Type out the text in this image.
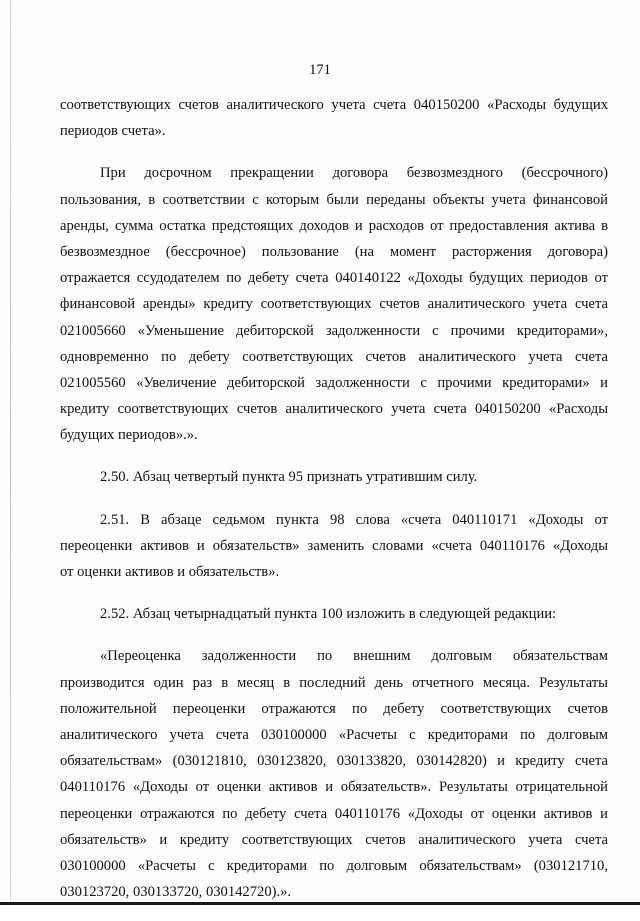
171

соответствующих счетов аналитического учета счета 040150200 «Расходы будущих
периодов счета».

При досрочном прекращении договора безвозмездного (бессрочного)
пользования, в соответствии с которым были переданы объекты учета финансовой
аренды, сумма остатка предстоящих доходов и расходов от предоставления актива в
безвозмездное (бессрочное) пользование (на момент расторжения договора)
отражается ссудодателем по дебету счета 040140122 «Доходы будущих периодов от
финансовой аренды» кредиту соответствующих счетов аналитического учета счета
021005660 «Уменьшение дебиторской задолженности с прочими кредиторами»,
одновременно по дебету соответствующих счетов аналитического учета счета
021005560 «Увеличение дебиторской задолженности с прочими кредиторами» и
кредиту соответствующих счетов аналитического учета счета 040150200 «Расходы
будущих периодов».».

2.50. Абзац четвертый пункта 95 признать утратившим силу.

2.51. В абзаце седьмом пункта 98 слова «счета 040110171 «Доходы от
переоценки активов и обязательств» заменить словами «счета 040110176 «Доходы
от оценки активов и обязательств».

2.52. Абзац четырнадцатый пункта 100 изложить в следующей редакции:

«Переоценка задолженности по внешним долговым обязательствам
производится один раз в месяц в последний день отчетного месяца. Результаты
положительной переоценки отражаются по дебету соответствующих счетов
аналитического учета счета 030100000 «Расчеты с кредиторами по долговым
обязательствам» (030121810, 030123820, 030133820, 030142820) и кредиту счета
040110176 «Доходы от оценки активов и обязательств». Результаты отрицательной
переоценки отражаются по дебету счета 040110176 «Доходы от оценки активов и
обязательств» и кредиту соответствующих счетов аналитического учета счета
030100000 «Расчеты с кредиторами по долговым обязательствам» (030121710,
030123720, 030133720, 030142720).».
